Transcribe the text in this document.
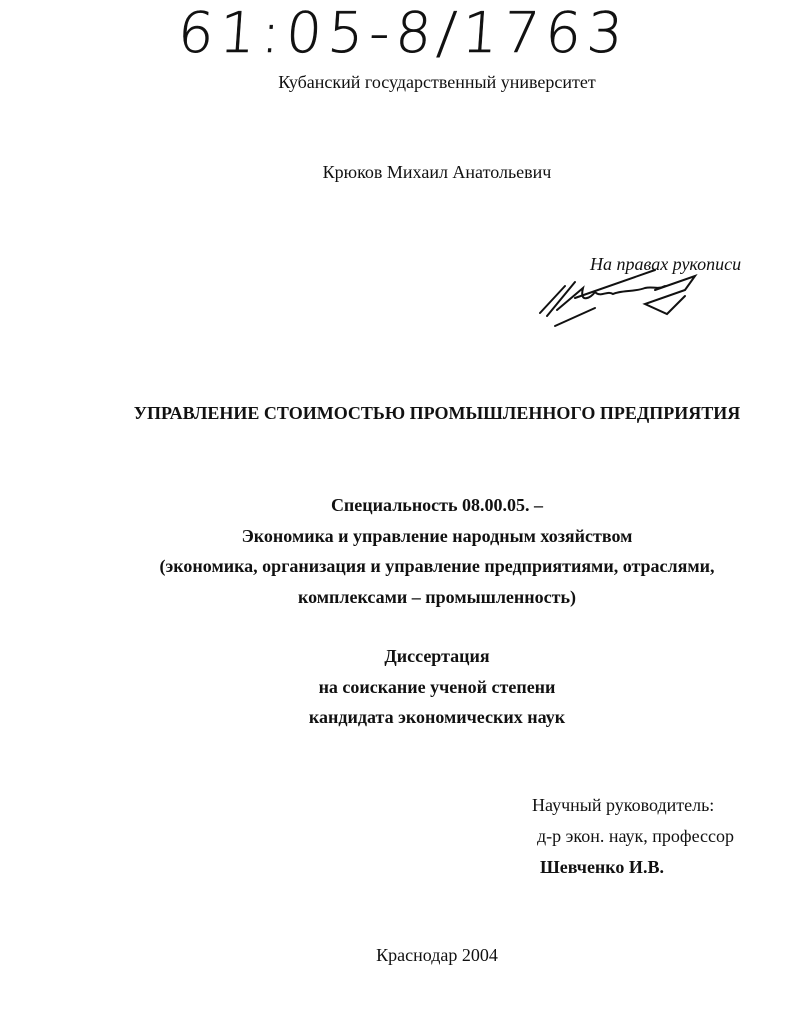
61:05-8/1763
Кубанский государственный университет
Крюков Михаил Анатольевич
На правах рукописи
УПРАВЛЕНИЕ СТОИМОСТЬЮ ПРОМЫШЛЕННОГО ПРЕДПРИЯТИЯ
Специальность 08.00.05. –
Экономика и управление народным хозяйством
(экономика, организация и управление предприятиями, отраслями,
комплексами – промышленность)
Диссертация
на соискание ученой степени
кандидата экономических наук
Научный руководитель:
д-р экон. наук, профессор
Шевченко И.В.
Краснодар 2004
